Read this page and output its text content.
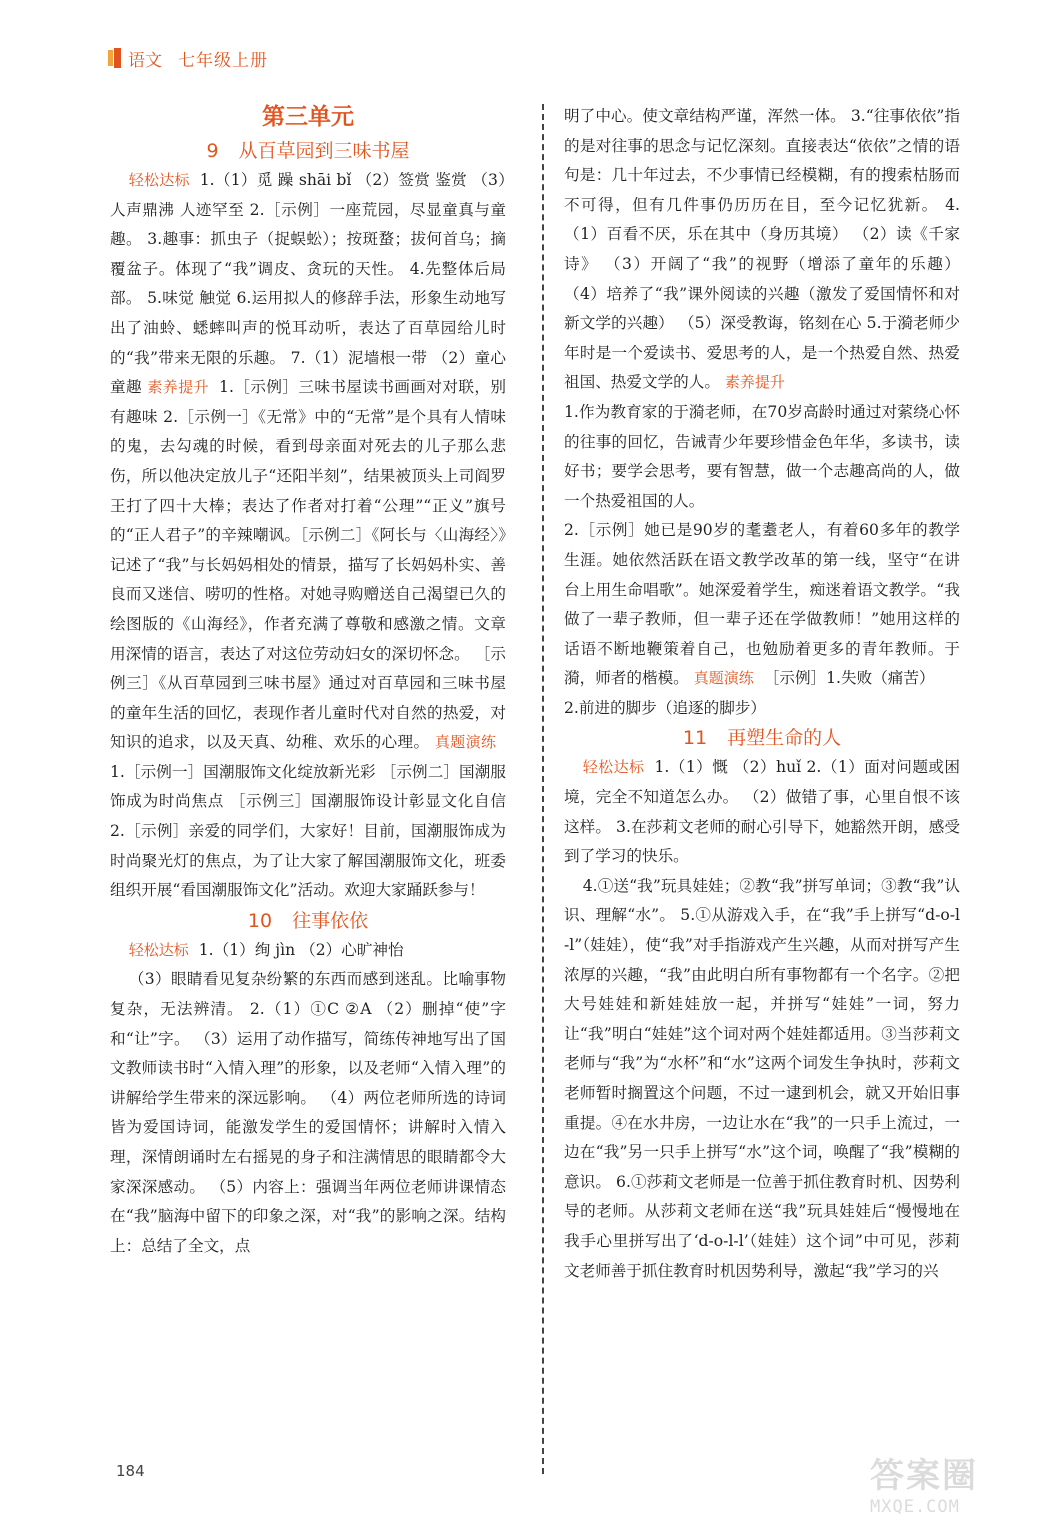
语文 七年级上册
第三单元
9 从百草园到三味书屋

轻松达标 1.（1）觅 躁 shāi bǐ （2）签赏 鉴赏 （3）人声鼎沸 人迹罕至 2.［示例］一座荒园，尽显童真与童趣。 3.趣事：抓虫子（捉蜈蚣）；按斑蝥；拔何首乌；摘覆盆子。体现了“我”调皮、贪玩的天性。 4.先整体后局部。 5.味觉 触觉 6.运用拟人的修辞手法，形象生动地写出了油蛉、蟋蟀叫声的悦耳动听，表达了百草园给儿时的“我”带来无限的乐趣。 7.（1）泥墙根一带 （2）童心童趣 素养提升 1.［示例］三味书屋读书画画对对联，别有趣味 2.［示例一］《无常》中的“无常”是个具有人情味的鬼，去勾魂的时候，看到母亲面对死去的儿子那么悲伤，所以他决定放儿子“还阳半刻”，结果被顶头上司阎罗王打了四十大棒；表达了作者对打着“公理”“正义”旗号的“正人君子”的辛辣嘲讽。［示例二］《阿长与〈山海经〉》记述了“我”与长妈妈相处的情景，描写了长妈妈朴实、善良而又迷信、唠叨的性格。对她寻购赠送自己渴望已久的绘图版的《山海经》，作者充满了尊敬和感激之情。文章用深情的语言，表达了对这位劳动妇女的深切怀念。 ［示例三］《从百草园到三味书屋》通过对百草园和三味书屋的童年生活的回忆，表现作者儿童时代对自然的热爱，对知识的追求，以及天真、幼稚、欢乐的心理。 真题演练1.［示例一］国潮服饰文化绽放新光彩 ［示例二］国潮服饰成为时尚焦点 ［示例三］国潮服饰设计彰显文化自信 2.［示例］亲爱的同学们，大家好！目前，国潮服饰成为时尚聚光灯的焦点，为了让大家了解国潮服饰文化，班委组织开展“看国潮服饰文化”活动。欢迎大家踊跃参与！

10 往事依依

轻松达标 1.（1）绚 jìn （2）心旷神怡

（3）眼睛看见复杂纷繁的东西而感到迷乱。比喻事物复杂，无法辨清。 2.（1）①C ②A （2）删掉“使”字和“让”字。 （3）运用了动作描写，简练传神地写出了国文教师读书时“入情入理”的形象，以及老师“入情入理”的讲解给学生带来的深远影响。 （4）两位老师所选的诗词皆为爱国诗词，能激发学生的爱国情怀；讲解时入情入理，深情朗诵时左右摇晃的身子和注满情思的眼睛都令大家深深感动。 （5）内容上：强调当年两位老师讲课情态在“我”脑海中留下的印象之深，对“我”的影响之深。结构上：总结了全文，点

明了中心。使文章结构严谨，浑然一体。 3.“往事依依”指的是对往事的思念与记忆深刻。直接表达“依依”之情的语句是：几十年过去，不少事情已经模糊，有的搜索枯肠而不可得，但有几件事仍历历在目，至今记忆犹新。 4.（1）百看不厌，乐在其中（身历其境） （2）读《千家诗》 （3）开阔了“我”的视野（增添了童年的乐趣） （4）培养了“我”课外阅读的兴趣（激发了爱国情怀和对新文学的兴趣） （5）深受教诲，铭刻在心 5.于漪老师少年时是一个爱读书、爱思考的人，是一个热爱自然、热爱祖国、热爱文学的人。 素养提升

1.作为教育家的于漪老师，在70岁高龄时通过对萦绕心怀的往事的回忆，告诫青少年要珍惜金色年华，多读书，读好书；要学会思考，要有智慧，做一个志趣高尚的人，做一个热爱祖国的人。

2.［示例］她已是90岁的耄耋老人，有着60多年的教学生涯。她依然活跃在语文教学改革的第一线，坚守“在讲台上用生命唱歌”。她深爱着学生，痴迷着语文教学。“我做了一辈子教师，但一辈子还在学做教师！”她用这样的话语不断地鞭策着自己，也勉励着更多的青年教师。于漪，师者的楷模。 真题演练 ［示例］1.失败（痛苦）

2.前进的脚步（追逐的脚步）

11 再塑生命的人

轻松达标 1.（1）慨 （2）huǐ 2.（1）面对问题或困境，完全不知道怎么办。 （2）做错了事，心里自恨不该这样。 3.在莎莉文老师的耐心引导下，她豁然开朗，感受到了学习的快乐。

4.①送“我”玩具娃娃；②教“我”拼写单词；③教“我”认识、理解“水”。 5.①从游戏入手，在“我”手上拼写“d-o-l-l”（娃娃），使“我”对手指游戏产生兴趣，从而对拼写产生浓厚的兴趣，“我”由此明白所有事物都有一个名字。②把大号娃娃和新娃娃放一起，并拼写“娃娃”一词，努力让“我”明白“娃娃”这个词对两个娃娃都适用。③当莎莉文老师与“我”为“水杯”和“水”这两个词发生争执时，莎莉文老师暂时搁置这个问题，不过一逮到机会，就又开始旧事重提。④在水井房，一边让水在“我”的一只手上流过，一边在“我”另一只手上拼写“水”这个词，唤醒了“我”模糊的意识。 6.①莎莉文老师是一位善于抓住教育时机、因势利导的老师。从莎莉文老师在送“我”玩具娃娃后“慢慢地在我手心里拼写出了‘d-o-l-l’（娃娃）这个词”中可见，莎莉文老师善于抓住教育时机因势利导，激起“我”学习的兴

184	答案圈
MXQE.COM
